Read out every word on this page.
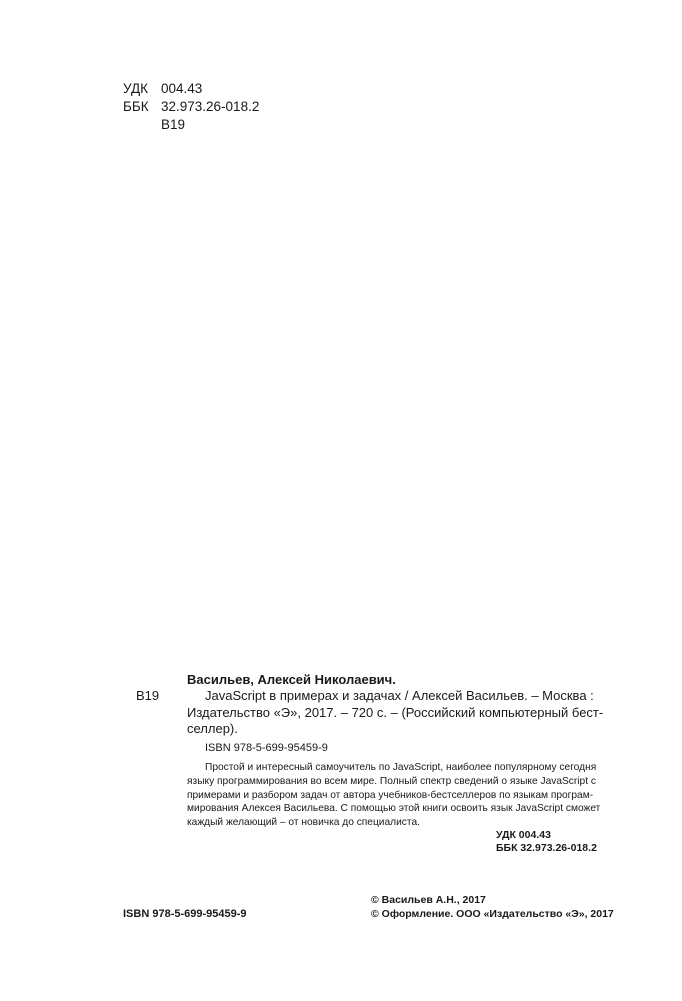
УДК 004.43
ББК 32.973.26-018.2
В19
Васильев, Алексей Николаевич.
В19	JavaScript в примерах и задачах / Алексей Васильев. – Москва :
Издательство «Э», 2017. – 720 с. – (Российский компьютерный бест-
селлер).
ISBN 978-5-699-95459-9
Простой и интересный самоучитель по JavaScript, наиболее популярному сегодня
языку программирования во всем мире. Полный спектр сведений о языке JavaScript с
примерами и разбором задач от автора учебников-бестселлеров по языкам програм-
мирования Алексея Васильева. С помощью этой книги освоить язык JavaScript сможет
каждый желающий – от новичка до специалиста.
УДК 004.43
ББК 32.973.26-018.2
ISBN 978-5-699-95459-9
© Васильев А.Н., 2017
© Оформление. ООО «Издательство «Э», 2017
